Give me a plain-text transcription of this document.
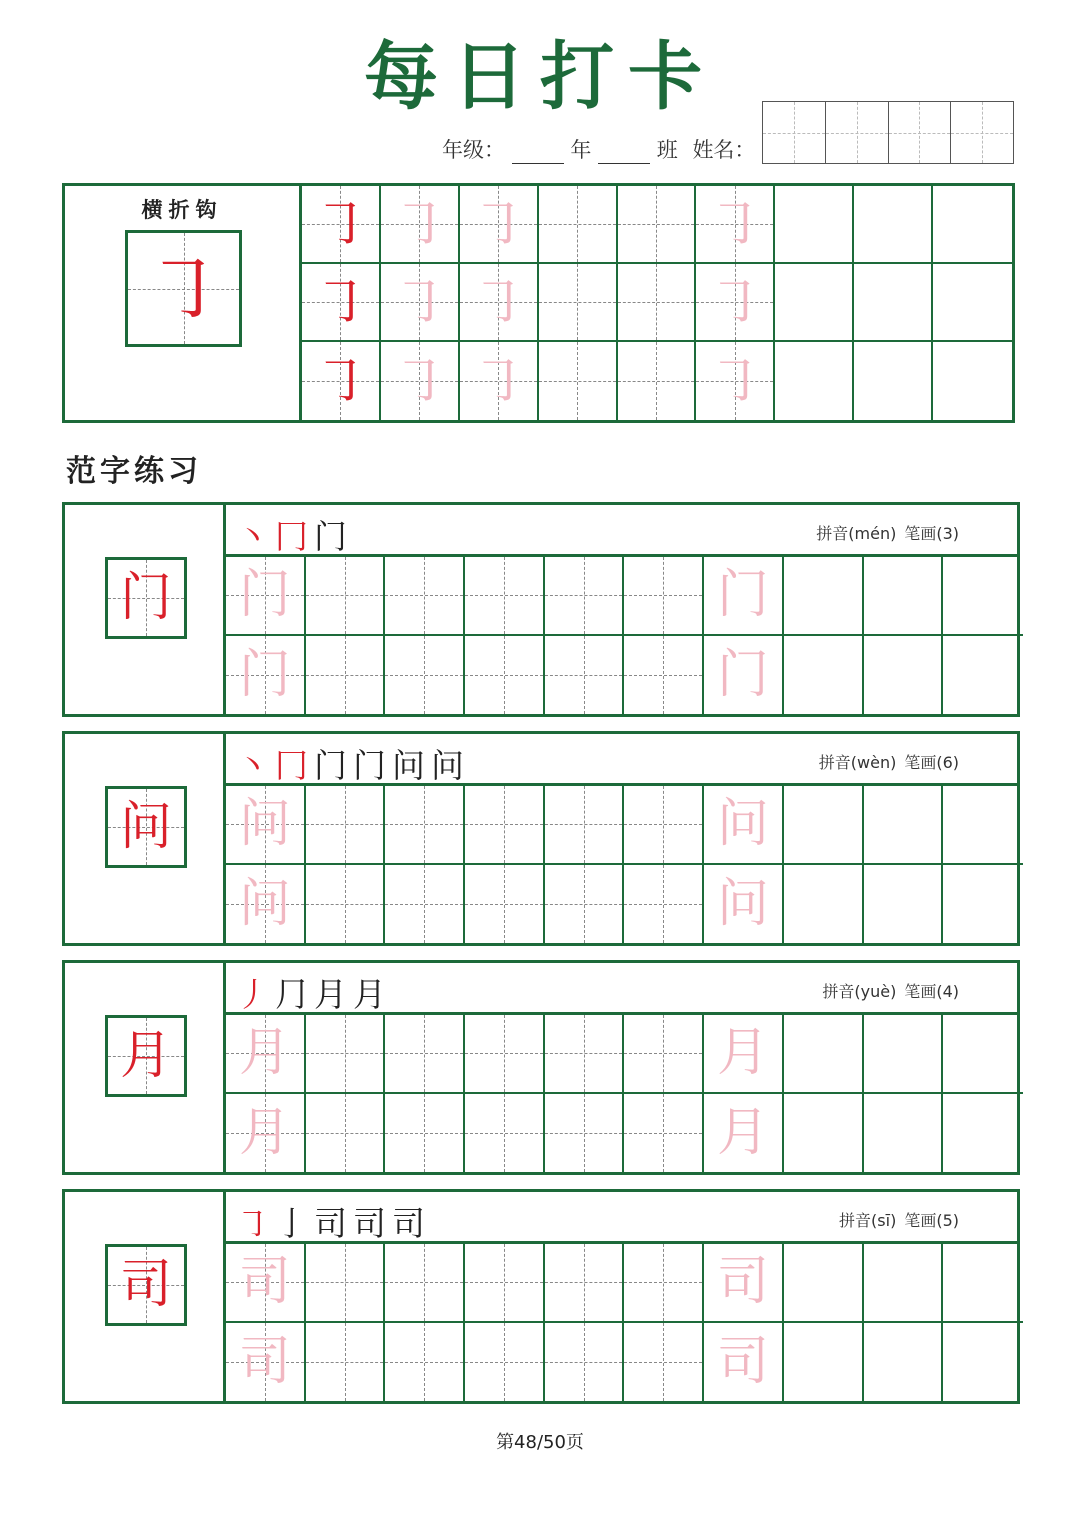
每日打卡
年级：	年	班 姓名：
横折钩
㇆
㇆ ㇆ ㇆	㇆
㇆ ㇆ ㇆	㇆
㇆ ㇆ ㇆	㇆
范字练习
门
丶 冂 门	拼音(mén) 笔画(3)
门	门
门	门
问
丶 冂 门 门 问 问	拼音(wèn) 笔画(6)
问	问
问	问
月
丿 ⺆ 月 月	拼音(yuè) 笔画(4)
月	月
月	月
司
㇆ ⼅ 司 司 司	拼音(sī) 笔画(5)
司	司
司	司
第48/50页
